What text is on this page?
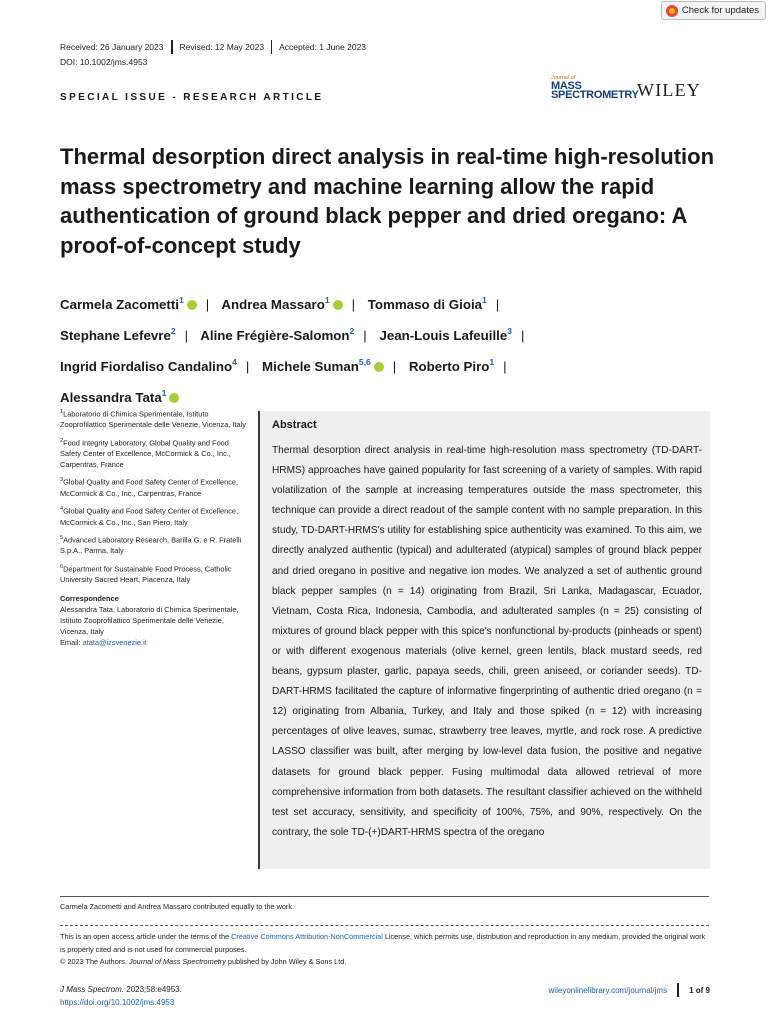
Check for updates
Received: 26 January 2023 Revised: 12 May 2023 Accepted: 1 June 2023
DOI: 10.1002/jms.4953
SPECIAL ISSUE - RESEARCH ARTICLE
Journal of
MASS
SPECTROMETRY
WILEY
Thermal desorption direct analysis in real-time high-resolution mass spectrometry and machine learning allow the rapid authentication of ground black pepper and dried oregano: A proof-of-concept study
Carmela Zacometti$^1$ | Andrea Massaro$^1$ | Tommaso di Gioia$^1$ |
Stephane Lefevre$^2$ | Aline Frégière-Salomon$^2$ | Jean-Louis Lafeuille$^3$ |
Ingrid Fiordaliso Candalino$^4$ | Michele Suman$^{5,6}$ | Roberto Piro$^1$ |
Alessandra Tata$^1$

$^1$Laboratorio di Chimica Sperimentale, Istituto Zooprofilattico Sperimentale delle Venezie, Vicenza, Italy

$^2$Food Integrity Laboratory, Global Quality and Food Safety Center of Excellence, McCormick & Co., Inc., Carpentras, France

$^3$Global Quality and Food Safety Center of Excellence, McCormick & Co., Inc., Carpentras, France

$^4$Global Quality and Food Safety Center of Excellence, McCormick & Co., Inc., San Piero, Italy

$^5$Advanced Laboratory Research, Barilla G. e R. Fratelli S.p.A., Parma, Italy

$^6$Department for Sustainable Food Process, Catholic University Sacred Heart, Piacenza, Italy

Correspondence

Alessandra Tata, Laboratorio di Chimica Sperimentale, Istituto Zooprofilattico Sperimentale delle Venezie, Vicenza, Italy
Email: atata@izsvenezie.it

Abstract
Thermal desorption direct analysis in real-time high-resolution mass spectrometry (TD-DART-HRMS) approaches have gained popularity for fast screening of a variety of samples. With rapid volatilization of the sample at increasing temperatures outside the mass spectrometer, this technique can provide a direct readout of the sample content with no sample preparation. In this study, TD-DART-HRMS's utility for establishing spice authenticity was examined. To this aim, we directly analyzed authentic (typical) and adulterated (atypical) samples of ground black pepper and dried oregano in positive and negative ion modes. We analyzed a set of authentic ground black pepper samples (n = 14) originating from Brazil, Sri Lanka, Madagascar, Ecuador, Vietnam, Costa Rica, Indonesia, Cambodia, and adulterated samples (n = 25) consisting of mixtures of ground black pepper with this spice's nonfunctional by-products (pinheads or spent) or with different exogenous materials (olive kernel, green lentils, black mustard seeds, red beans, gypsum plaster, garlic, papaya seeds, chili, green aniseed, or coriander seeds). TD-DART-HRMS facilitated the capture of informative fingerprinting of authentic dried oregano (n = 12) originating from Albania, Turkey, and Italy and those spiked (n = 12) with increasing percentages of olive leaves, sumac, strawberry tree leaves, myrtle, and rock rose. A predictive LASSO classifier was built, after merging by low-level data fusion, the positive and negative datasets for ground black pepper. Fusing multimodal data allowed retrieval of more comprehensive information from both datasets. The resultant classifier achieved on the withheld test set accuracy, sensitivity, and specificity of 100%, 75%, and 90%, respectively. On the contrary, the sole TD-(+)DART-HRMS spectra of the oregano
Carmela Zacometti and Andrea Massaro contributed equally to the work.
This is an open access article under the terms of the Creative Commons Attribution-NonCommercial License, which permits use, distribution and reproduction in any medium, provided the original work is properly cited and is not used for commercial purposes.
© 2023 The Authors. Journal of Mass Spectrometry published by John Wiley & Sons Ltd.
J Mass Spectrom. 2023;58:e4953.
https://doi.org/10.1002/jms.4953
wileyonlinelibrary.com/journal/jms	1 of 9
